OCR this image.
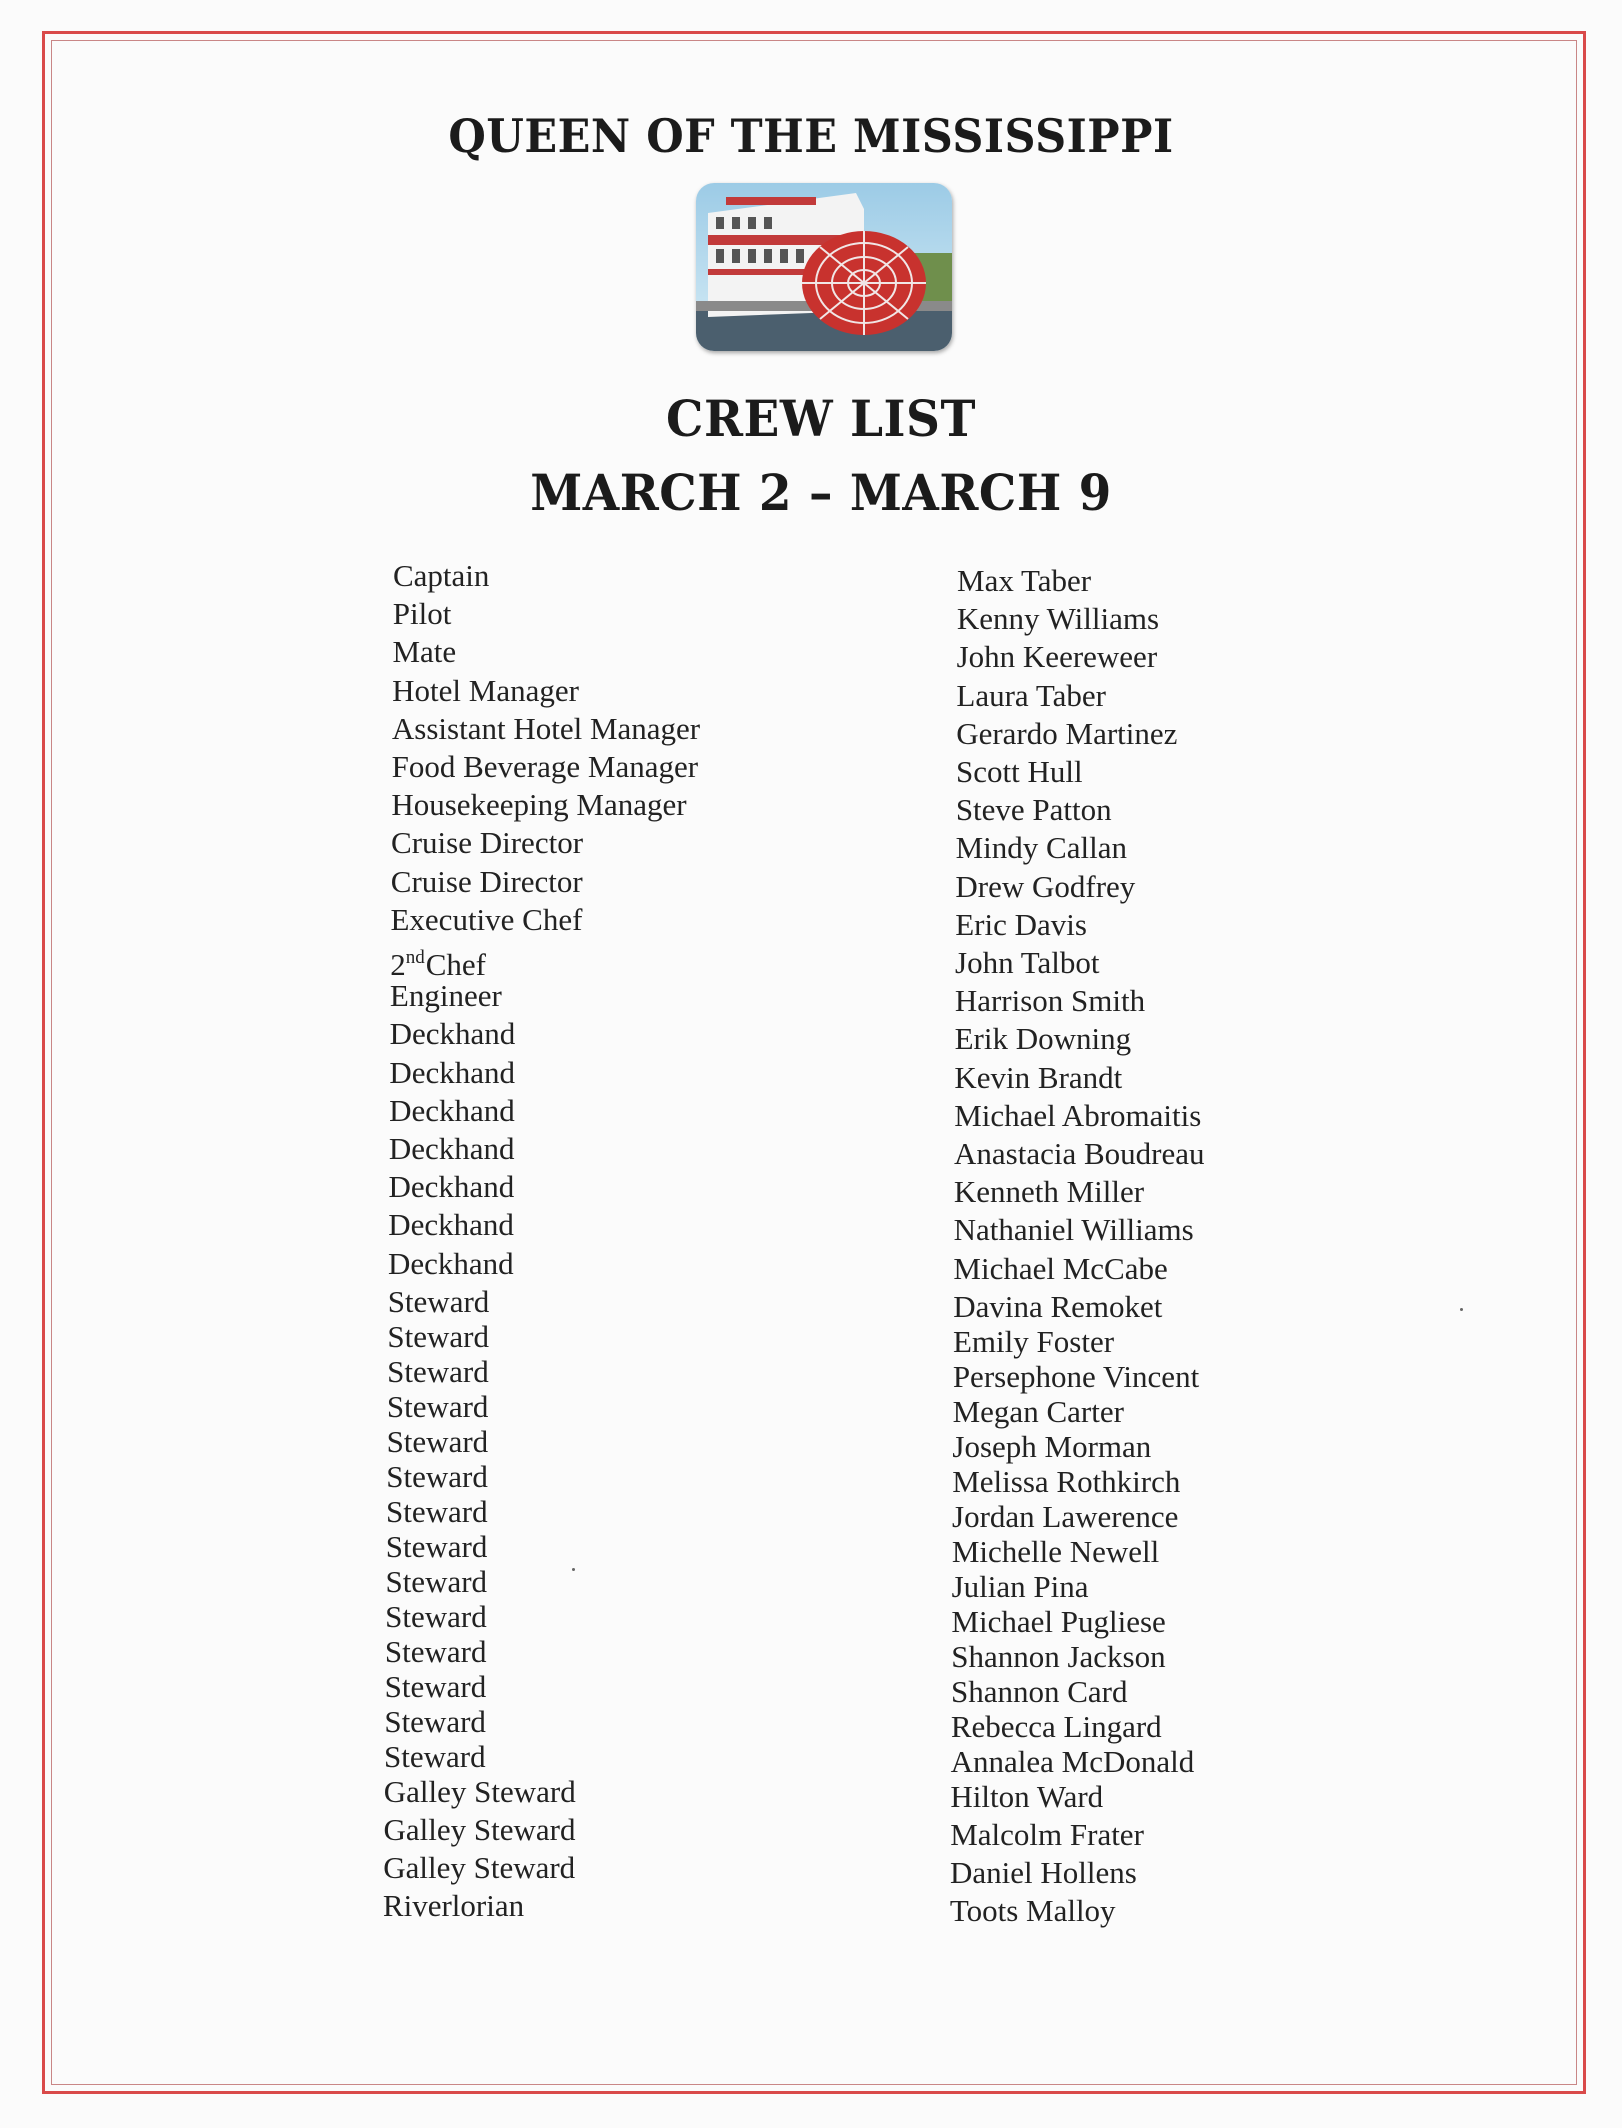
QUEEN OF THE MISSISSIPPI
CREW LIST
MARCH 2 – MARCH 9
Captain
Pilot
Mate
Hotel Manager
Assistant Hotel Manager
Food Beverage Manager
Housekeeping Manager
Cruise Director
Cruise Director
Executive Chef
2ndChef
Engineer
Deckhand
Deckhand
Deckhand
Deckhand
Deckhand
Deckhand
Deckhand
Steward
Steward
Steward
Steward
Steward
Steward
Steward
Steward
Steward
Steward
Steward
Steward
Steward
Steward
Galley Steward
Galley Steward
Galley Steward
Riverlorian
Max Taber
Kenny Williams
John Keereweer
Laura Taber
Gerardo Martinez
Scott Hull
Steve Patton
Mindy Callan
Drew Godfrey
Eric Davis
John Talbot
Harrison Smith
Erik Downing
Kevin Brandt
Michael Abromaitis
Anastacia Boudreau
Kenneth Miller
Nathaniel Williams
Michael McCabe
Davina Remoket
Emily Foster
Persephone Vincent
Megan Carter
Joseph Morman
Melissa Rothkirch
Jordan Lawerence
Michelle Newell
Julian Pina
Michael Pugliese
Shannon Jackson
Shannon Card
Rebecca Lingard
Annalea McDonald
Hilton Ward
Malcolm Frater
Daniel Hollens
Toots Malloy
